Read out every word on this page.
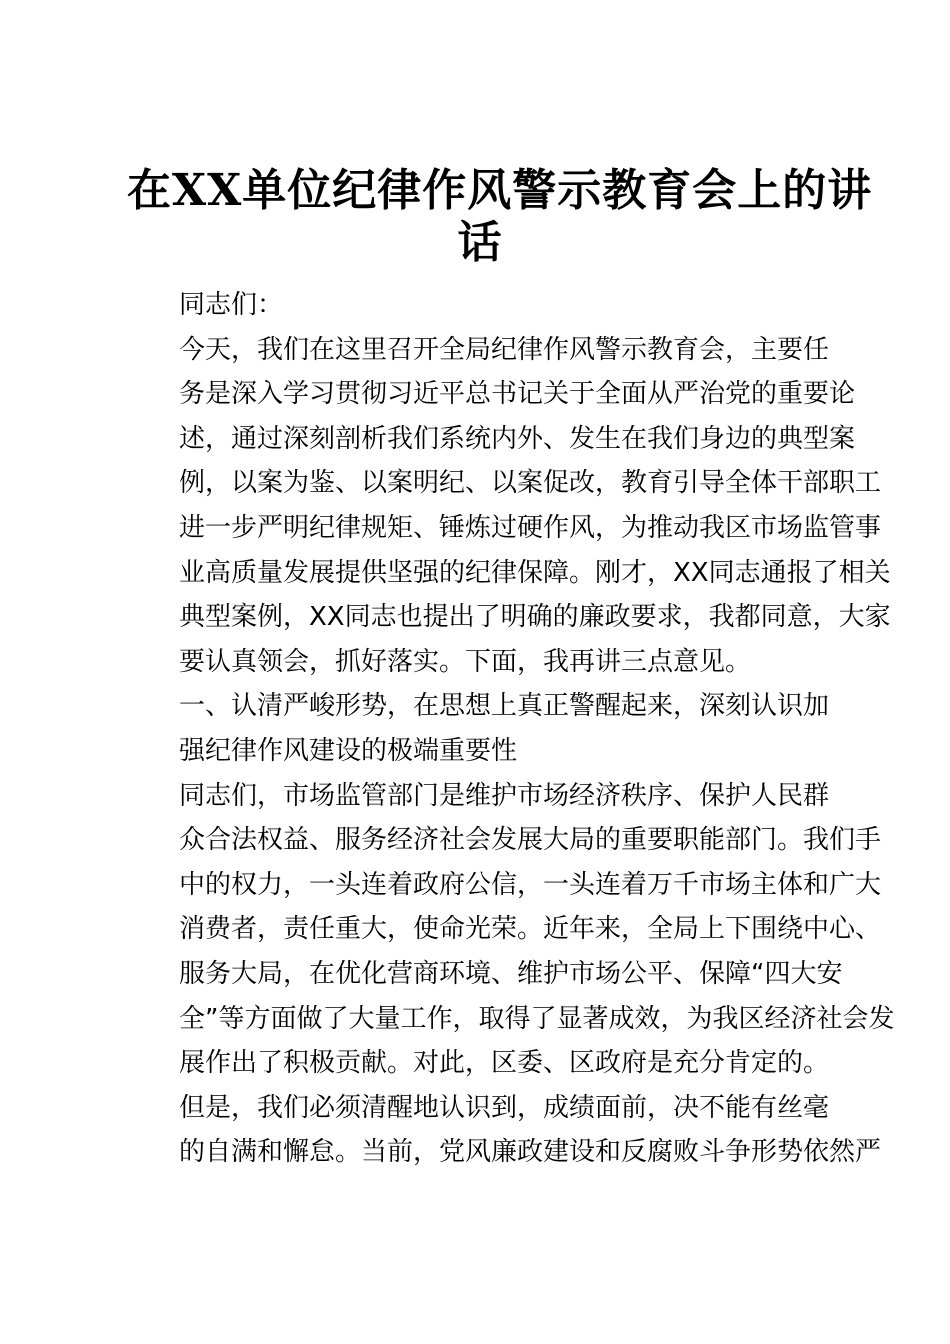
在XX单位纪律作风警示教育会上的讲
话

同志们：

今天，我们在这里召开全局纪律作风警示教育会，主要任
务是深入学习贯彻习近平总书记关于全面从严治党的重要论
述，通过深刻剖析我们系统内外、发生在我们身边的典型案
例，以案为鉴、以案明纪、以案促改，教育引导全体干部职工
进一步严明纪律规矩、锤炼过硬作风，为推动我区市场监管事
业高质量发展提供坚强的纪律保障。刚才，XX同志通报了相关
典型案例，XX同志也提出了明确的廉政要求，我都同意，大家
要认真领会，抓好落实。下面，我再讲三点意见。

一、认清严峻形势，在思想上真正警醒起来，深刻认识加
强纪律作风建设的极端重要性

同志们，市场监管部门是维护市场经济秩序、保护人民群
众合法权益、服务经济社会发展大局的重要职能部门。我们手
中的权力，一头连着政府公信，一头连着万千市场主体和广大
消费者，责任重大，使命光荣。近年来，全局上下围绕中心、
服务大局，在优化营商环境、维护市场公平、保障“四大安
全”等方面做了大量工作，取得了显著成效，为我区经济社会发
展作出了积极贡献。对此，区委、区政府是充分肯定的。

但是，我们必须清醒地认识到，成绩面前，决不能有丝毫
的自满和懈怠。当前，党风廉政建设和反腐败斗争形势依然严
